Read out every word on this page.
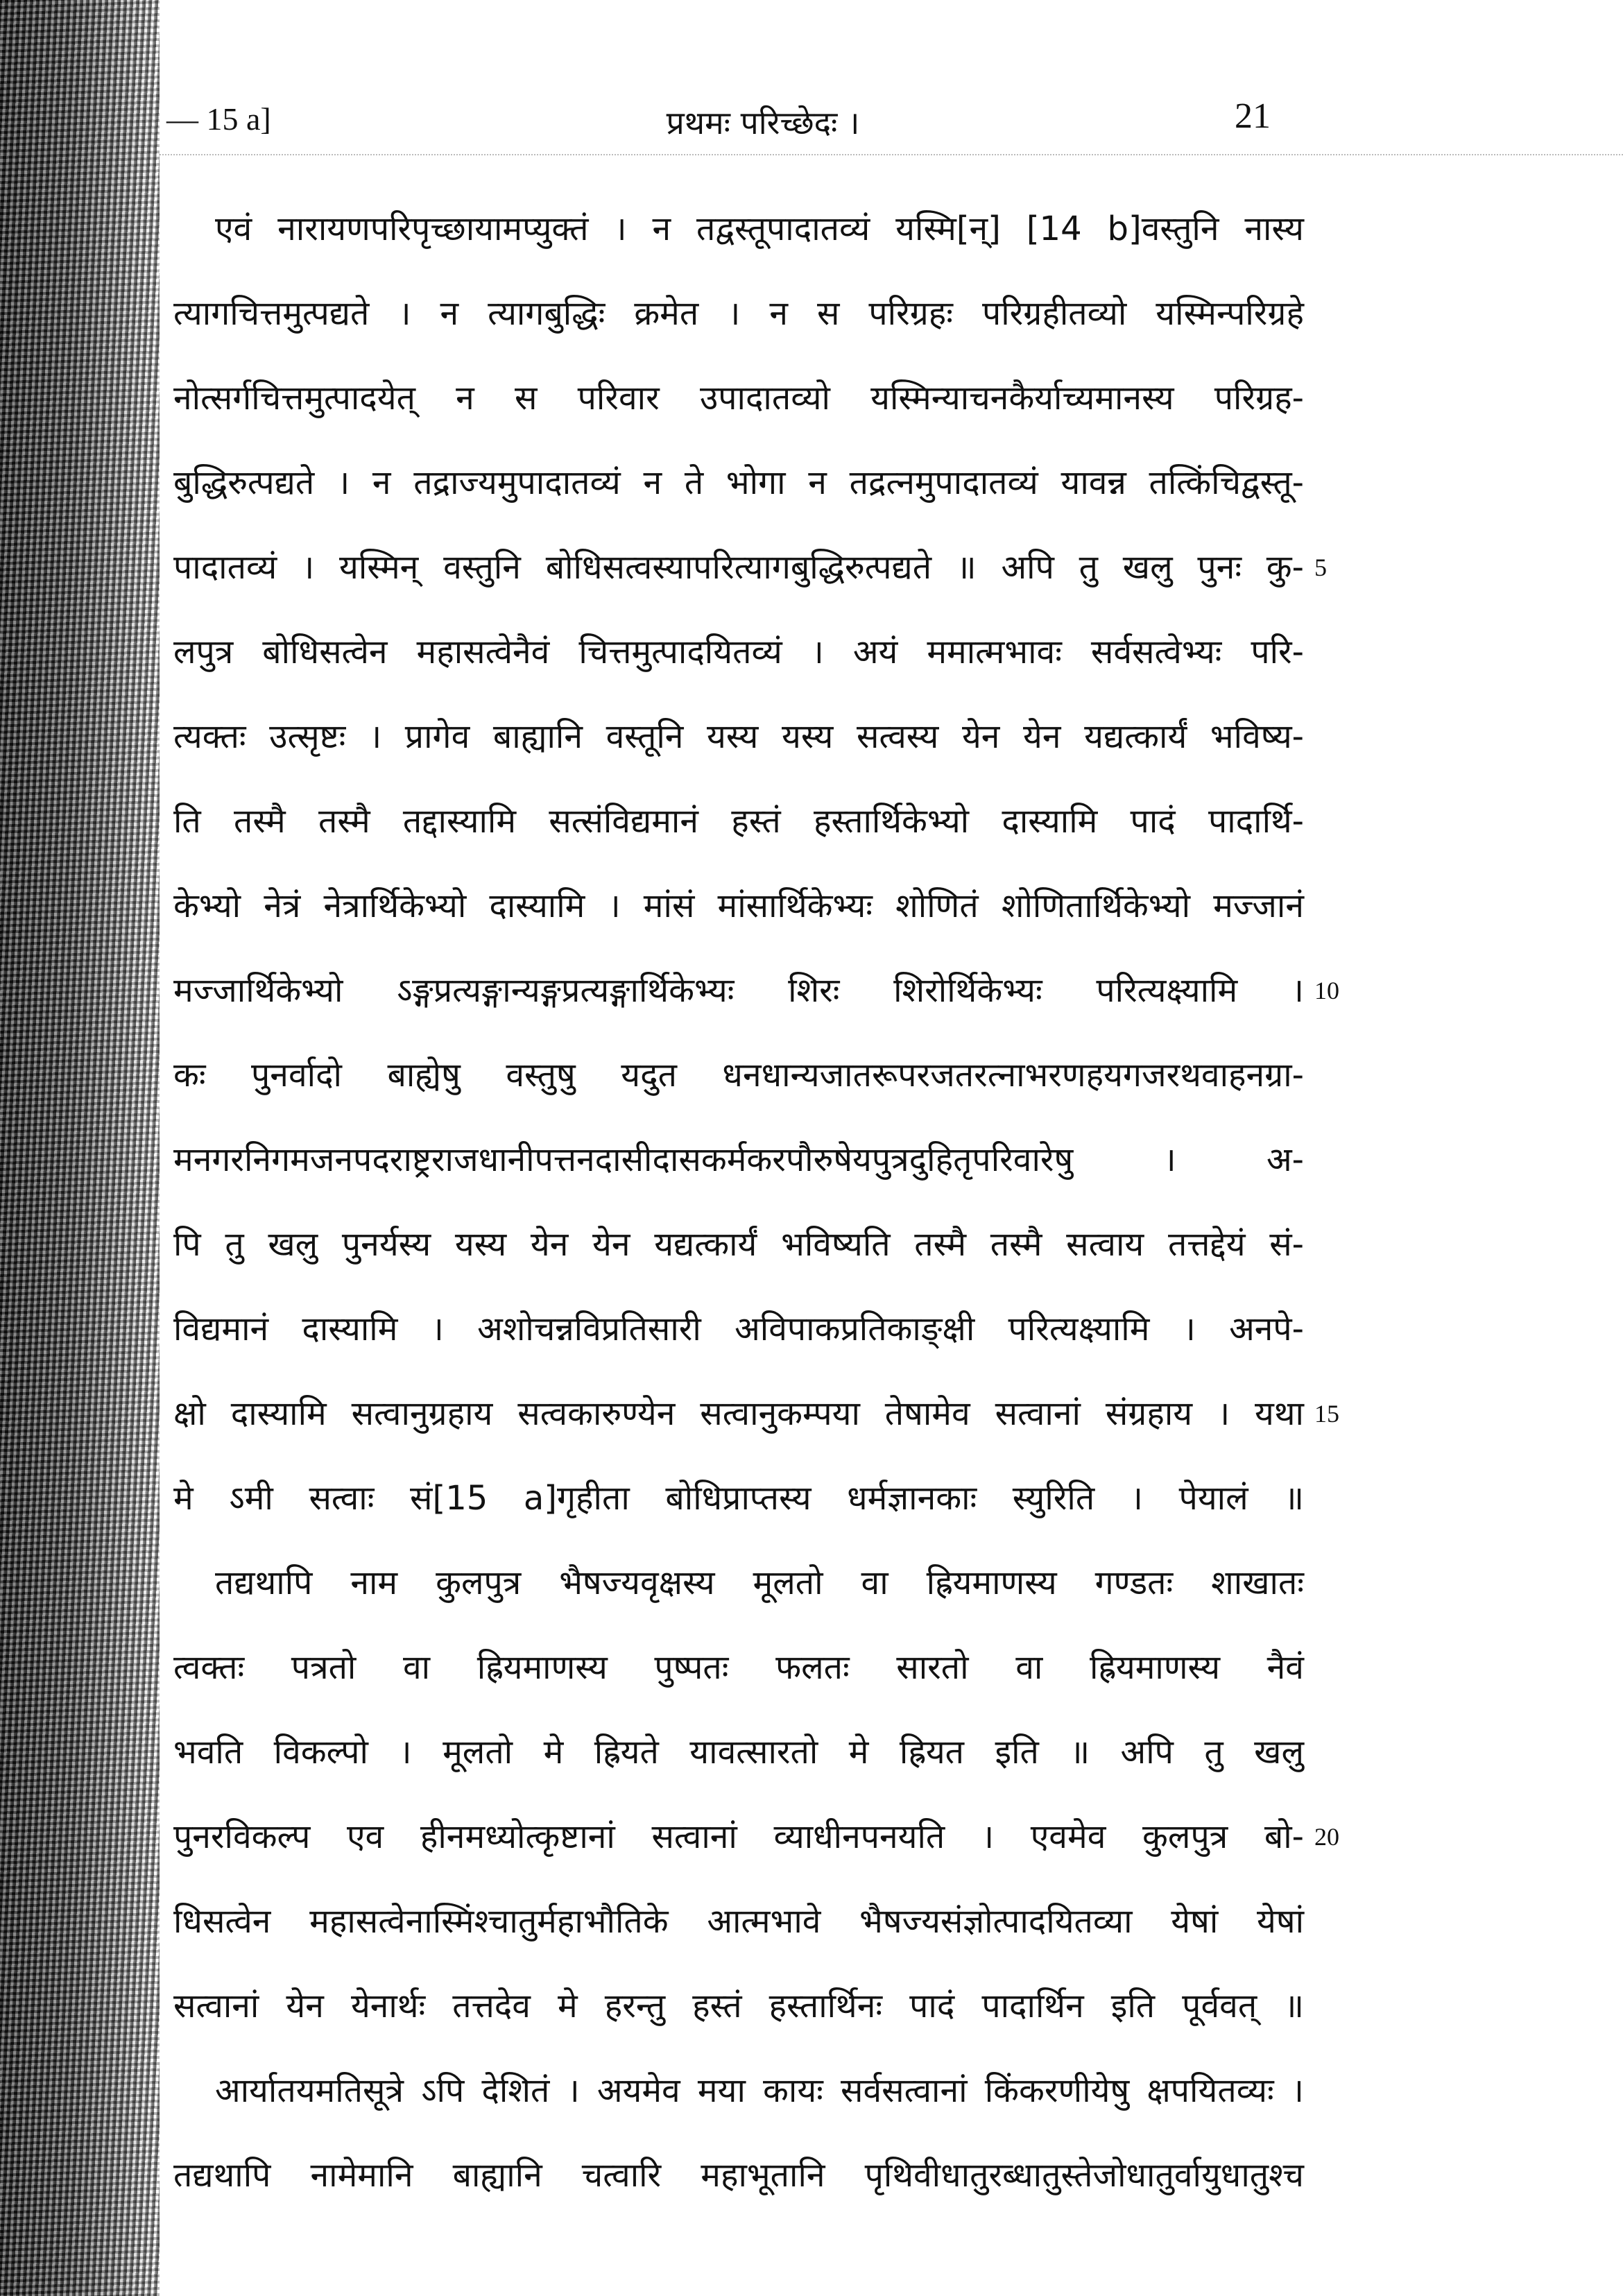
— 15 a]	प्रथमः परिच्छेदः ।	21
एवं नारायणपरिपृच्छायामप्युक्तं । न तद्वस्तूपादातव्यं यस्मि[न्] [14 b]वस्तुनि नास्य
त्यागचित्तमुत्पद्यते । न त्यागबुद्धिः क्रमेत । न स परिग्रहः परिग्रहीतव्यो यस्मिन्परिग्रहे
नोत्सर्गचित्तमुत्पादयेत् न स परिवार उपादातव्यो यस्मिन्याचनकैर्याच्यमानस्य परिग्रह-
बुद्धिरुत्पद्यते । न तद्राज्यमुपादातव्यं न ते भोगा न तद्रत्नमुपादातव्यं यावन्न तत्किंचिद्वस्तू-
पादातव्यं । यस्मिन् वस्तुनि बोधिसत्वस्यापरित्यागबुद्धिरुत्पद्यते ॥ अपि तु खलु पुनः कु- 5
लपुत्र बोधिसत्वेन महासत्वेनैवं चित्तमुत्पादयितव्यं । अयं ममात्मभावः सर्वसत्वेभ्यः परि-
त्यक्तः उत्सृष्टः । प्रागेव बाह्यानि वस्तूनि यस्य यस्य सत्वस्य येन येन यद्यत्कार्यं भविष्य-
ति तस्मै तस्मै तद्दास्यामि सत्संविद्यमानं हस्तं हस्तार्थिकेभ्यो दास्यामि पादं पादार्थि-
केभ्यो नेत्रं नेत्रार्थिकेभ्यो दास्यामि । मांसं मांसार्थिकेभ्यः शोणितं शोणितार्थिकेभ्यो मज्जानं
मज्जार्थिकेभ्यो ऽङ्गप्रत्यङ्गान्यङ्गप्रत्यङ्गार्थिकेभ्यः शिरः शिरोर्थिकेभ्यः परित्यक्ष्यामि । 10
कः पुनर्वादो बाह्येषु वस्तुषु यदुत धनधान्यजातरूपरजतरत्नाभरणहयगजरथवाहनग्रा-
मनगरनिगमजनपदराष्ट्रराजधानीपत्तनदासीदासकर्मकरपौरुषेयपुत्रदुहितृपरिवारेषु । अ-
पि तु खलु पुनर्यस्य यस्य येन येन यद्यत्कार्यं भविष्यति तस्मै तस्मै सत्वाय तत्तद्देयं सं-
विद्यमानं दास्यामि । अशोचन्नविप्रतिसारी अविपाकप्रतिकाङ्क्षी परित्यक्ष्यामि । अनपे-
क्षो दास्यामि सत्वानुग्रहाय सत्वकारुण्येन सत्वानुकम्पया तेषामेव सत्वानां संग्रहाय । यथा 15
मे ऽमी सत्वाः सं[15 a]गृहीता बोधिप्राप्तस्य धर्मज्ञानकाः स्युरिति । पेयालं ॥
तद्यथापि नाम कुलपुत्र भैषज्यवृक्षस्य मूलतो वा ह्रियमाणस्य गण्डतः शाखातः
त्वक्तः पत्रतो वा ह्रियमाणस्य पुष्पतः फलतः सारतो वा ह्रियमाणस्य नैवं
भवति विकल्पो । मूलतो मे ह्रियते यावत्सारतो मे ह्रियत इति ॥ अपि तु खलु
पुनरविकल्प एव हीनमध्योत्कृष्टानां सत्वानां व्याधीनपनयति । एवमेव कुलपुत्र बो- 20
धिसत्वेन महासत्वेनास्मिंश्चातुर्महाभौतिके आत्मभावे भैषज्यसंज्ञोत्पादयितव्या येषां येषां
सत्वानां येन येनार्थः तत्तदेव मे हरन्तु हस्तं हस्तार्थिनः पादं पादार्थिन इति पूर्ववत् ॥
आर्यातयमतिसूत्रे ऽपि देशितं । अयमेव मया कायः सर्वसत्वानां किंकरणीयेषु क्षपयितव्यः ।
तद्यथापि नामेमानि बाह्यानि चत्वारि महाभूतानि पृथिवीधातुरब्धातुस्तेजोधातुर्वायुधातुश्च
